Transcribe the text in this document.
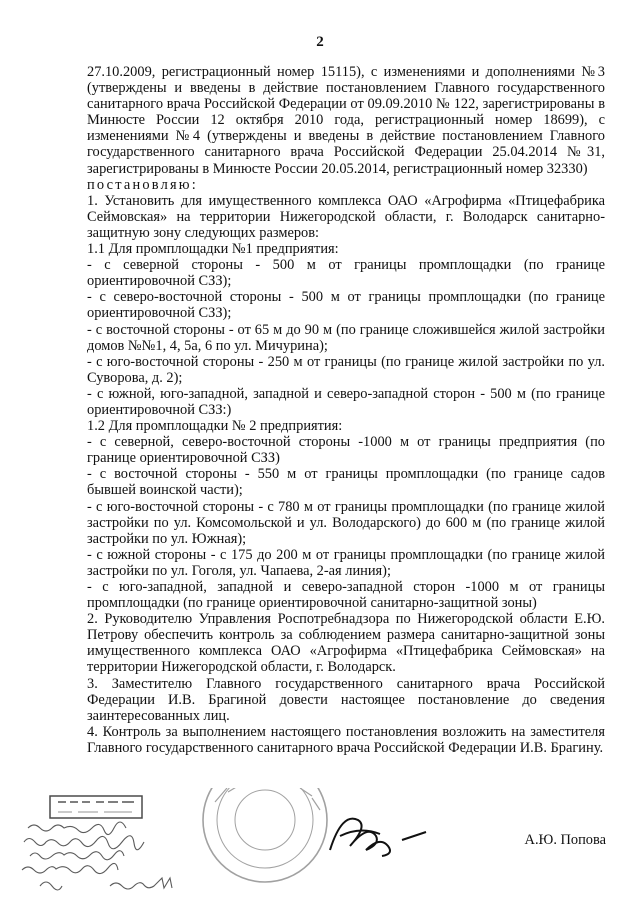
2

27.10.2009, регистрационный номер 15115), с изменениями и дополнениями №3 (утверждены и введены в действие постановлением Главного государственного санитарного врача Российской Федерации от 09.09.2010 № 122, зарегистрированы в Минюсте России 12 октября 2010 года, регистрационный номер 18699), с изменениями №4 (утверждены и введены в действие постановлением Главного государственного санитарного врача Российской Федерации 25.04.2014 №31, зарегистрированы в Минюсте России 20.05.2014, регистрационный номер 32330)

постановляю:

1. Установить для имущественного комплекса ОАО «Агрофирма «Птицефабрика Сеймовская» на территории Нижегородской области, г. Володарск санитарно-защитную зону следующих размеров:

1.1 Для промплощадки №1 предприятия:

- с северной стороны - 500 м от границы промплощадки (по границе ориентировочной СЗЗ);

- с северо-восточной стороны - 500 м от границы промплощадки (по границе ориентировочной СЗЗ);

- с восточной стороны - от 65 м до 90 м (по границе сложившейся жилой застройки домов №№1, 4, 5а, 6 по ул. Мичурина);

- с юго-восточной стороны - 250 м от границы (по границе жилой застройки по ул. Суворова, д. 2);

- с южной, юго-западной, западной и северо-западной сторон - 500 м (по границе ориентировочной СЗЗ:)

1.2 Для промплощадки № 2 предприятия:

- с северной, северо-восточной стороны -1000 м от границы предприятия (по границе ориентировочной СЗЗ)

- с восточной стороны - 550 м от границы промплощадки (по границе садов бывшей воинской части);

- с юго-восточной стороны - с 780 м от границы промплощадки (по границе жилой застройки по ул. Комсомольской и ул. Володарского) до 600 м (по границе жилой застройки по ул. Южная);

- с южной стороны - с 175 до 200 м от границы промплощадки (по границе жилой застройки по ул. Гоголя, ул. Чапаева, 2-ая линия);

- с юго-западной, западной и северо-западной сторон -1000 м от границы промплощадки (по границе ориентировочной санитарно-защитной зоны)

2. Руководителю Управления Роспотребнадзора по Нижегородской области Е.Ю. Петрову обеспечить контроль за соблюдением размера санитарно-защитной зоны имущественного комплекса ОАО «Агрофирма «Птицефабрика Сеймовская» на территории Нижегородской области, г. Володарск.

3. Заместителю Главного государственного санитарного врача Российской Федерации И.В. Брагиной довести настоящее постановление до сведения заинтересованных лиц.

4. Контроль за выполнением настоящего постановления возложить на заместителя Главного государственного санитарного врача Российской Федерации И.В. Брагину.

А.Ю. Попова
